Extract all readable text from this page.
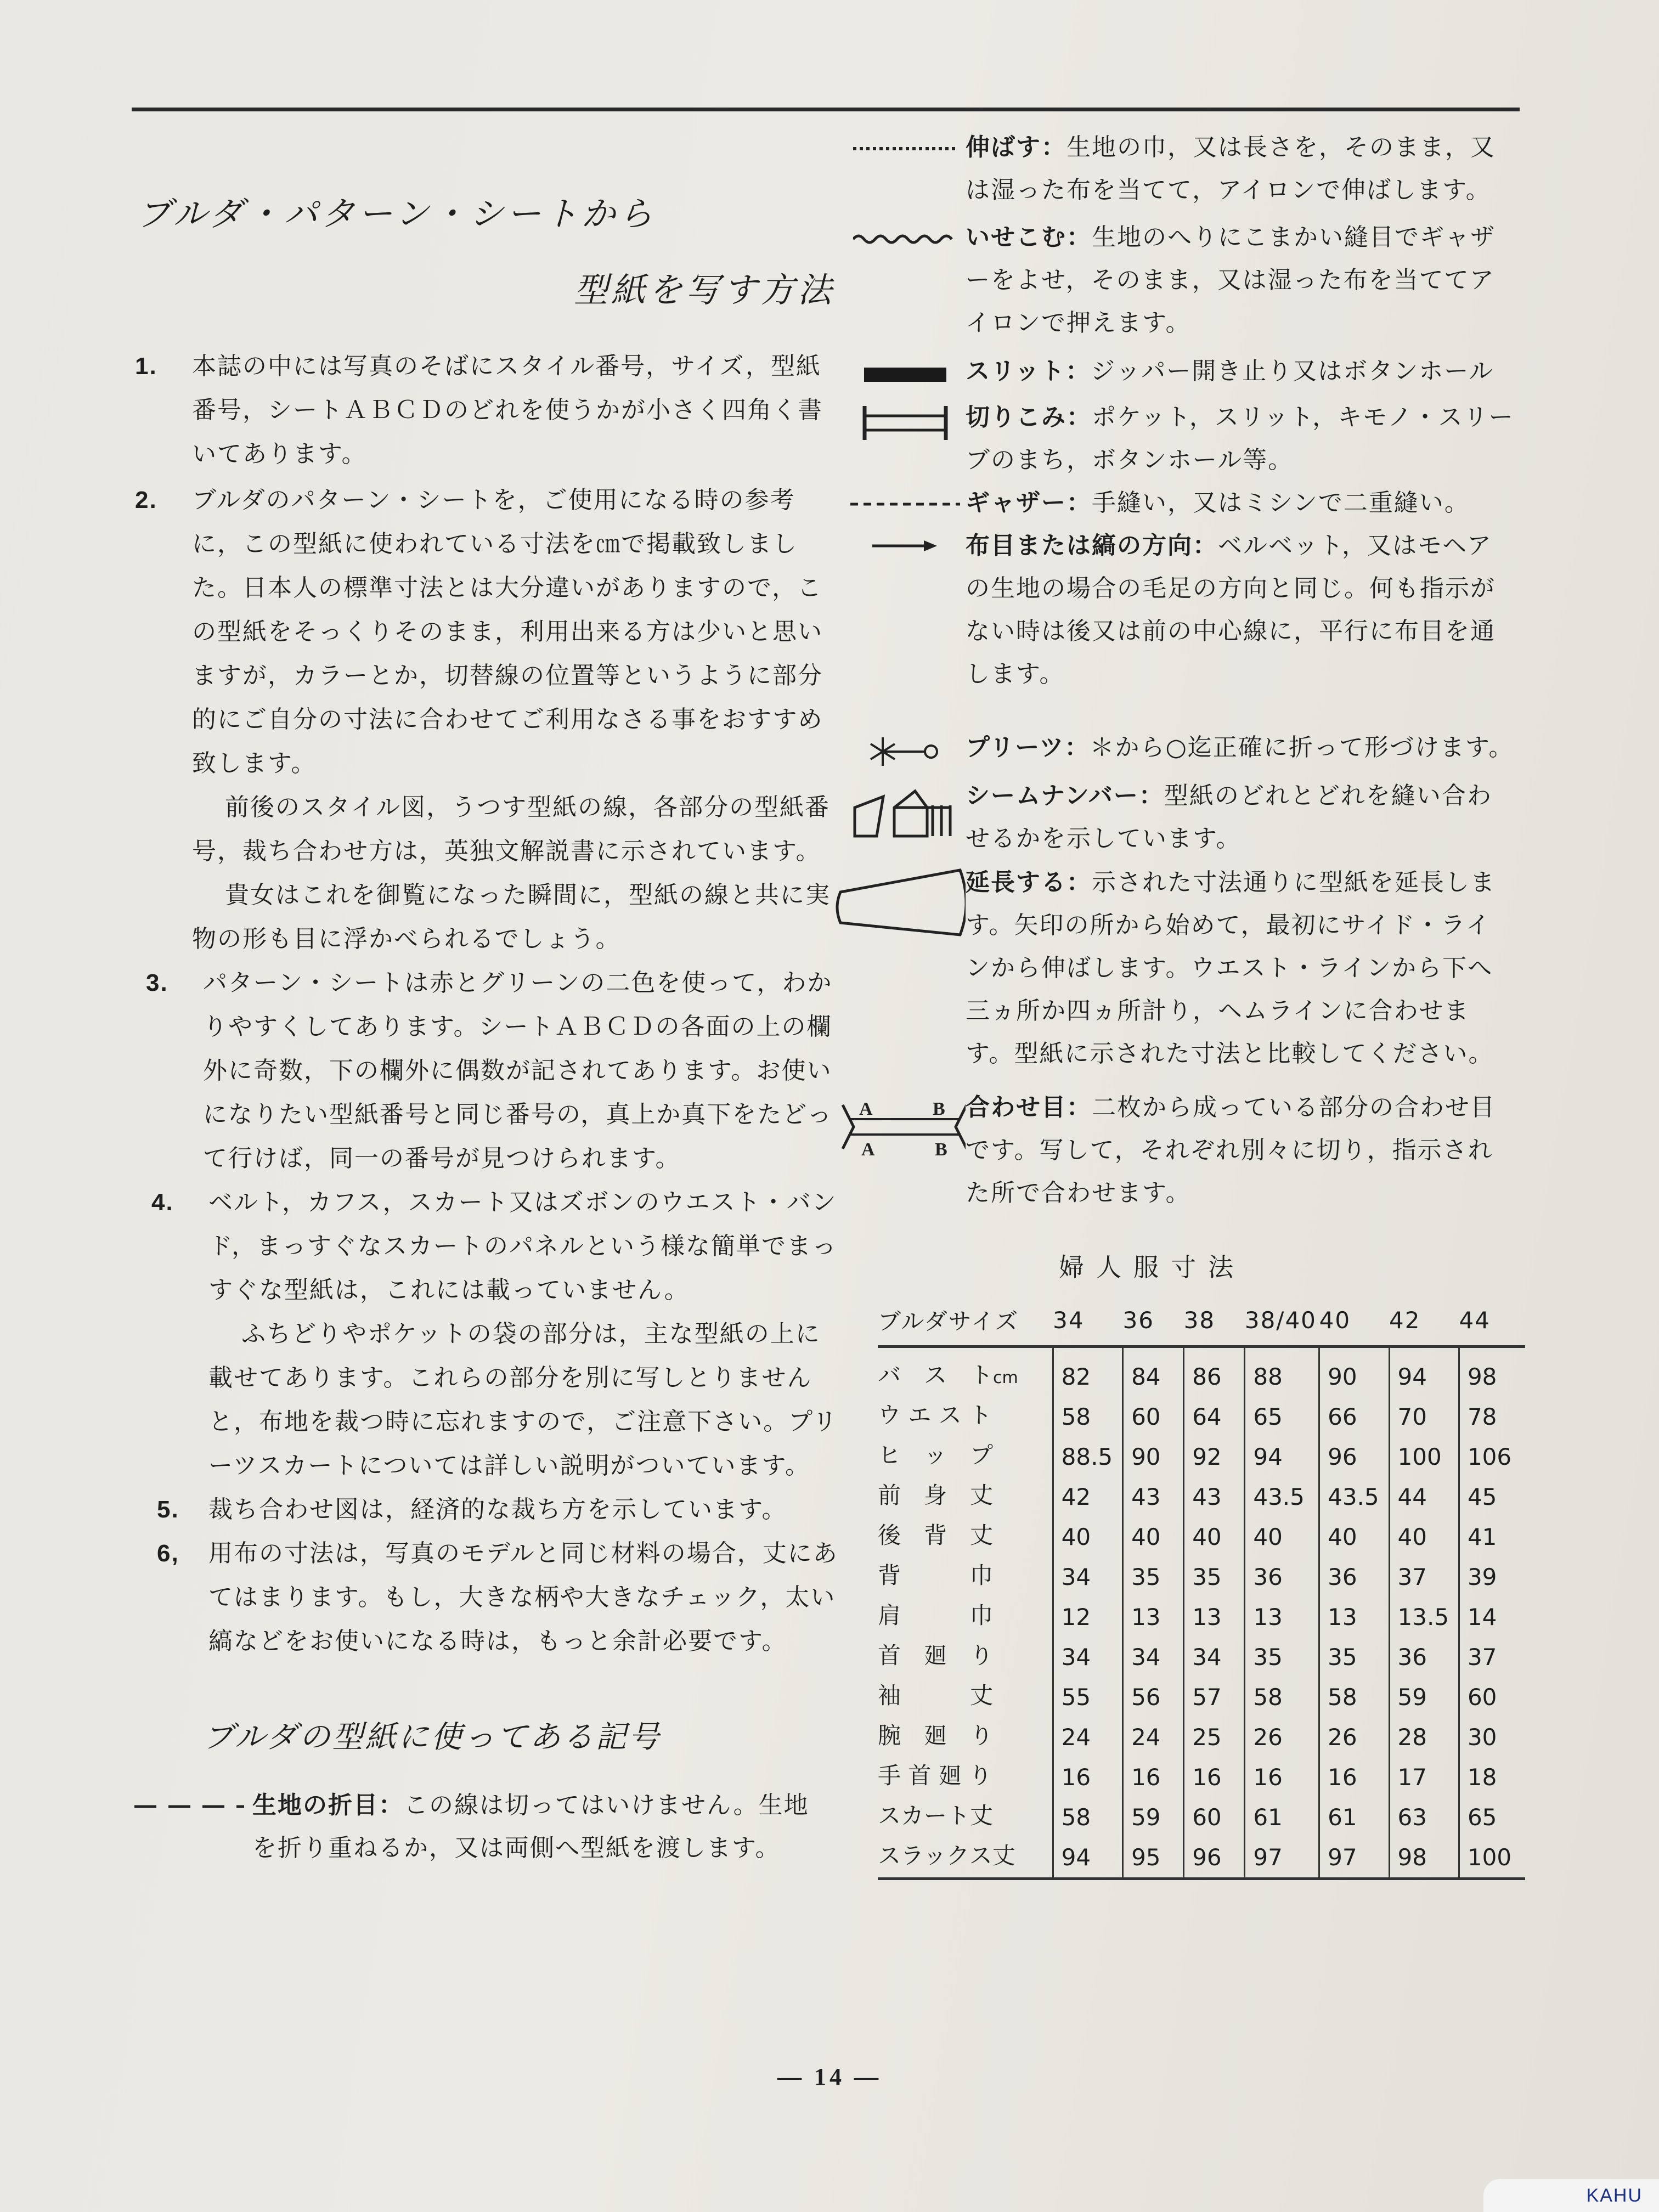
ブルダ・パターン・シートから
型紙を写す方法
1. 本誌の中には写真のそばにスタイル番号，サイズ，型紙番号，シートＡＢＣＤのどれを使うかが小さく四角く書いてあります。
2. ブルダのパターン・シートを，ご使用になる時の参考に，この型紙に使われている寸法を㎝で掲載致しました。日本人の標準寸法とは大分違いがありますので，この型紙をそっくりそのまま，利用出来る方は少いと思いますが，カラーとか，切替線の位置等というように部分的にご自分の寸法に合わせてご利用なさる事をおすすめ致します。
前後のスタイル図，うつす型紙の線，各部分の型紙番号，裁ち合わせ方は，英独文解説書に示されています。
貴女はこれを御覧になった瞬間に，型紙の線と共に実物の形も目に浮かべられるでしょう。
3. パターン・シートは赤とグリーンの二色を使って，わかりやすくしてあります。シートＡＢＣＤの各面の上の欄外に奇数，下の欄外に偶数が記されてあります。お使いになりたい型紙番号と同じ番号の，真上か真下をたどって行けば，同一の番号が見つけられます。
4. ベルト，カフス，スカート又はズボンのウエスト・バンド，まっすぐなスカートのパネルという様な簡単でまっすぐな型紙は，これには載っていません。
ふちどりやポケットの袋の部分は，主な型紙の上に載せてあります。これらの部分を別に写しとりませんと，布地を裁つ時に忘れますので，ご注意下さい。プリーツスカートについては詳しい説明がついています。
5. 裁ち合わせ図は，経済的な裁ち方を示しています。
6, 用布の寸法は，写真のモデルと同じ材料の場合，丈にあてはまります。もし，大きな柄や大きなチェック，太い縞などをお使いになる時は，もっと余計必要です。
ブルダの型紙に使ってある記号
生地の折目：この線は切ってはいけません。生地を折り重ねるか，又は両側へ型紙を渡します。
伸ばす：生地の巾，又は長さを，そのまま，又は湿った布を当てて，アイロンで伸ばします。
いせこむ：生地のへりにこまかい縫目でギャザーをよせ，そのまま，又は湿った布を当ててアイロンで押えます。
スリット：ジッパー開き止り又はボタンホール
切りこみ：ポケット，スリット，キモノ・スリーブのまち，ボタンホール等。
ギャザー：手縫い，又はミシンで二重縫い。
布目または縞の方向：ベルベット，又はモヘアの生地の場合の毛足の方向と同じ。何も指示がない時は後又は前の中心線に，平行に布目を通します。
プリーツ：＊から○迄正確に折って形づけます。
シームナンバー：型紙のどれとどれを縫い合わせるかを示しています。
延長する：示された寸法通りに型紙を延長します。矢印の所から始めて，最初にサイド・ラインから伸ばします。ウエスト・ラインから下へ三ヵ所か四ヵ所計り，ヘムラインに合わせます。型紙に示された寸法と比較してください。
A	B
A	B
合わせ目：二枚から成っている部分の合わせ目です。写して，それぞれ別々に切り，指示された所で合わせます。
婦人服寸法
ブルダサイズ	34	36	38	38/40	40	42	44
バ　ス　トcm	82	84	86	88	90	94	98
ウ エ ス ト	58	60	64	65	66	70	78
ヒ　ッ　プ	88.5	90	92	94	96	100	106
前　身　丈	42	43	43	43.5	43.5	44	45
後　背　丈	40	40	40	40	40	40	41
背　　　巾	34	35	35	36	36	37	39
肩　　　巾	12	13	13	13	13	13.5	14
首　廻　り	34	34	34	35	35	36	37
袖　　　丈	55	56	57	58	58	59	60
腕　廻　り	24	24	25	26	26	28	30
手 首 廻 り	16	16	16	16	16	17	18
スカート丈	58	59	60	61	61	63	65
スラックス丈	94	95	96	97	97	98	100
— 14 —
KAHU
